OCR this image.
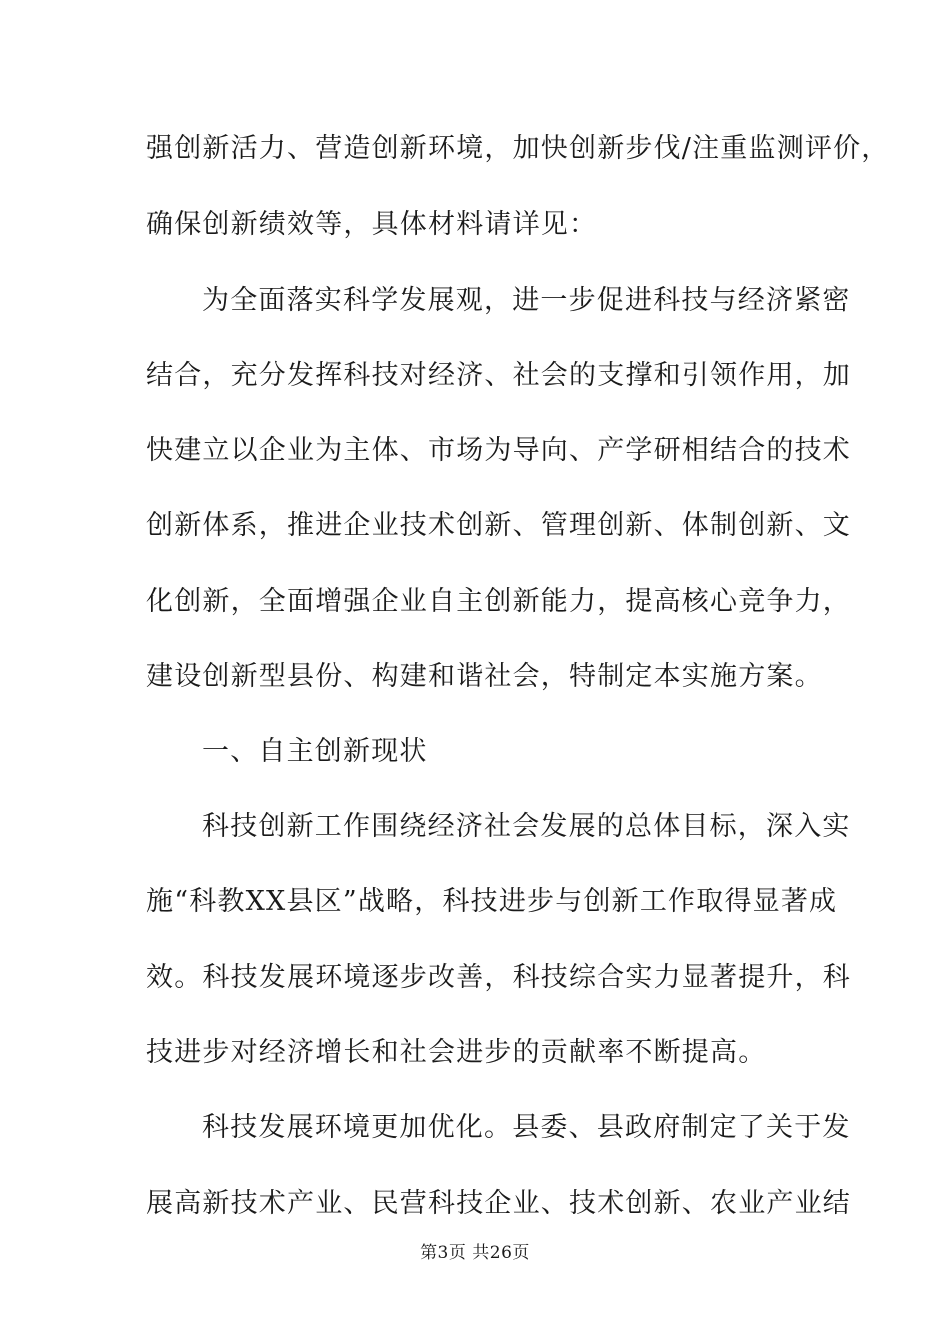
强创新活力、营造创新环境，加快创新步伐/注重监测评价，
确保创新绩效等，具体材料请详见：
为全面落实科学发展观，进一步促进科技与经济紧密
结合，充分发挥科技对经济、社会的支撑和引领作用，加
快建立以企业为主体、市场为导向、产学研相结合的技术
创新体系，推进企业技术创新、管理创新、体制创新、文
化创新，全面增强企业自主创新能力，提高核心竞争力，
建设创新型县份、构建和谐社会，特制定本实施方案。
一、自主创新现状
科技创新工作围绕经济社会发展的总体目标，深入实
施“科教XX县区”战略，科技进步与创新工作取得显著成
效。科技发展环境逐步改善，科技综合实力显著提升，科
技进步对经济增长和社会进步的贡献率不断提高。
科技发展环境更加优化。县委、县政府制定了关于发
展高新技术产业、民营科技企业、技术创新、农业产业结
第3页 共26页
